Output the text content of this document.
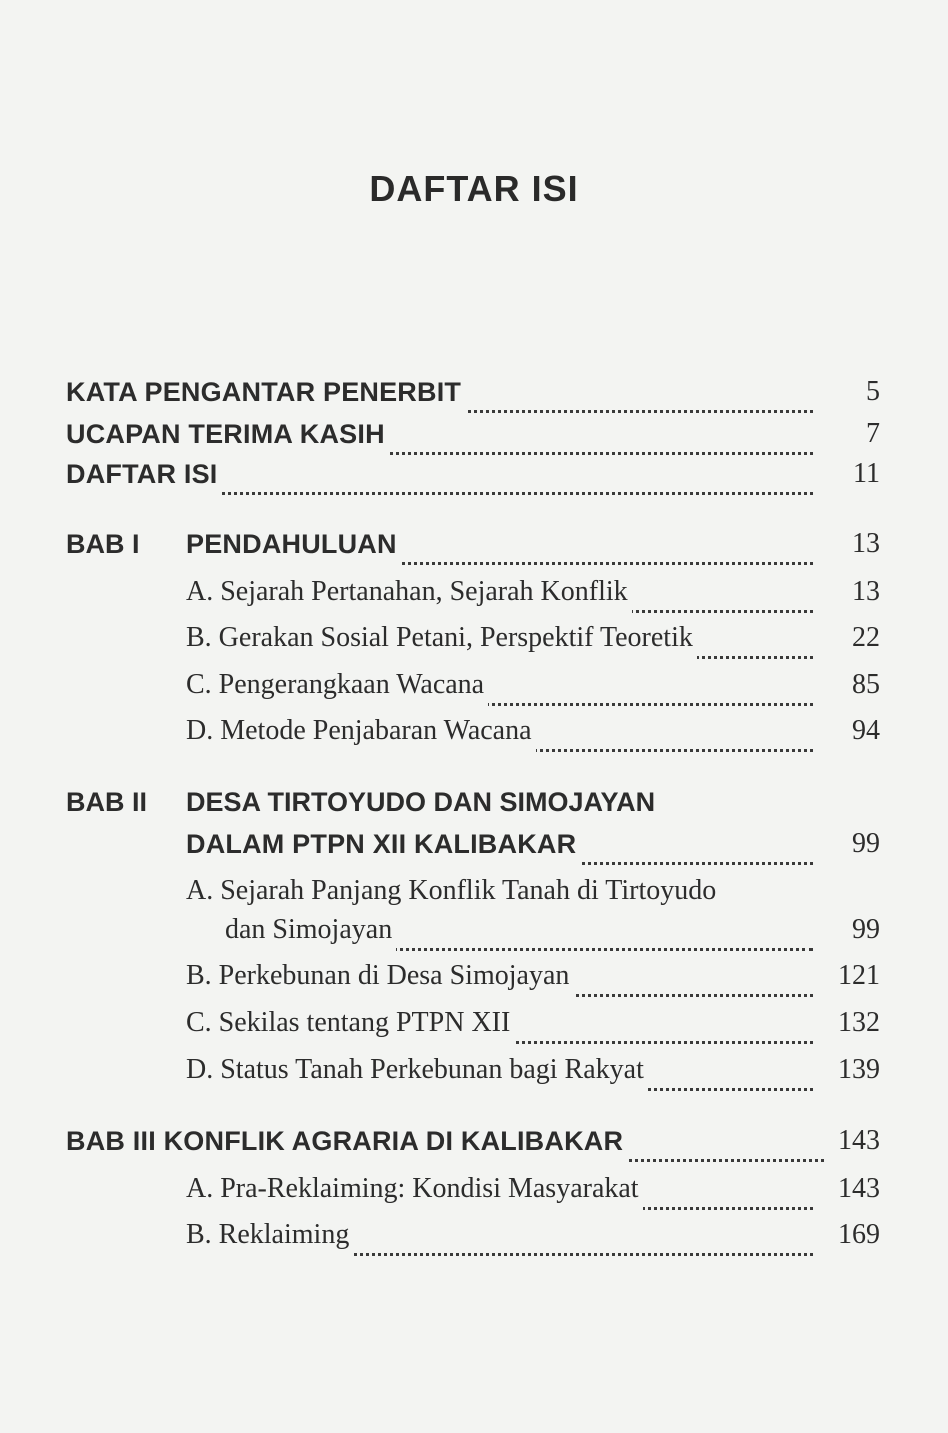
DAFTAR ISI
KATA PENGANTAR PENERBIT	5
UCAPAN TERIMA KASIH	7
DAFTAR ISI	11
BAB I PENDAHULUAN	13
A. Sejarah Pertanahan, Sejarah Konflik	13
B. Gerakan Sosial Petani, Perspektif Teoretik	22
C. Pengerangkaan Wacana	85
D. Metode Penjabaran Wacana	94
BAB II DESA TIRTOYUDO DAN SIMOJAYAN
DALAM PTPN XII KALIBAKAR	99
A. Sejarah Panjang Konflik Tanah di Tirtoyudo
dan Simojayan	99
B. Perkebunan di Desa Simojayan	121
C. Sekilas tentang PTPN XII	132
D. Status Tanah Perkebunan bagi Rakyat	139
BAB III KONFLIK AGRARIA DI KALIBAKAR	143
A. Pra-Reklaiming: Kondisi Masyarakat	143
B. Reklaiming	169
